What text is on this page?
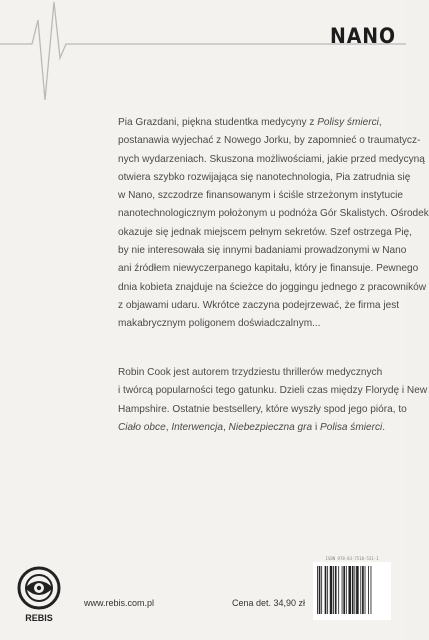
NANO
Pia Grazdani, piękna studentka medycyny z Polisy śmierci,
postanawia wyjechać z Nowego Jorku, by zapomnieć o traumatycz-
nych wydarzeniach. Skuszona możliwościami, jakie przed medycyną
otwiera szybko rozwijająca się nanotechnologia, Pia zatrudnia się
w Nano, szczodrze finansowanym i ściśle strzeżonym instytucie
nanotechnologicznym położonym u podnóża Gór Skalistych. Ośrodek
okazuje się jednak miejscem pełnym sekretów. Szef ostrzega Pię,
by nie interesowała się innymi badaniami prowadzonymi w Nano
ani źródłem niewyczerpanego kapitału, który je finansuje. Pewnego
dnia kobieta znajduje na ścieżce do joggingu jednego z pracowników
z objawami udaru. Wkrótce zaczyna podejrzewać, że firma jest
makabrycznym poligonem doświadczalnym...
Robin Cook jest autorem trzydziestu thrillerów medycznych
i twórcą popularności tego gatunku. Dzieli czas między Florydę i New
Hampshire. Ostatnie bestsellery, które wyszły spod jego pióra, to
Ciało obce, Interwencja, Niebezpieczna gra i Polisa śmierci.
REBIS
www.rebis.com.pl	Cena det. 34,90 zł
ISBN 978-83-7510-531-1
